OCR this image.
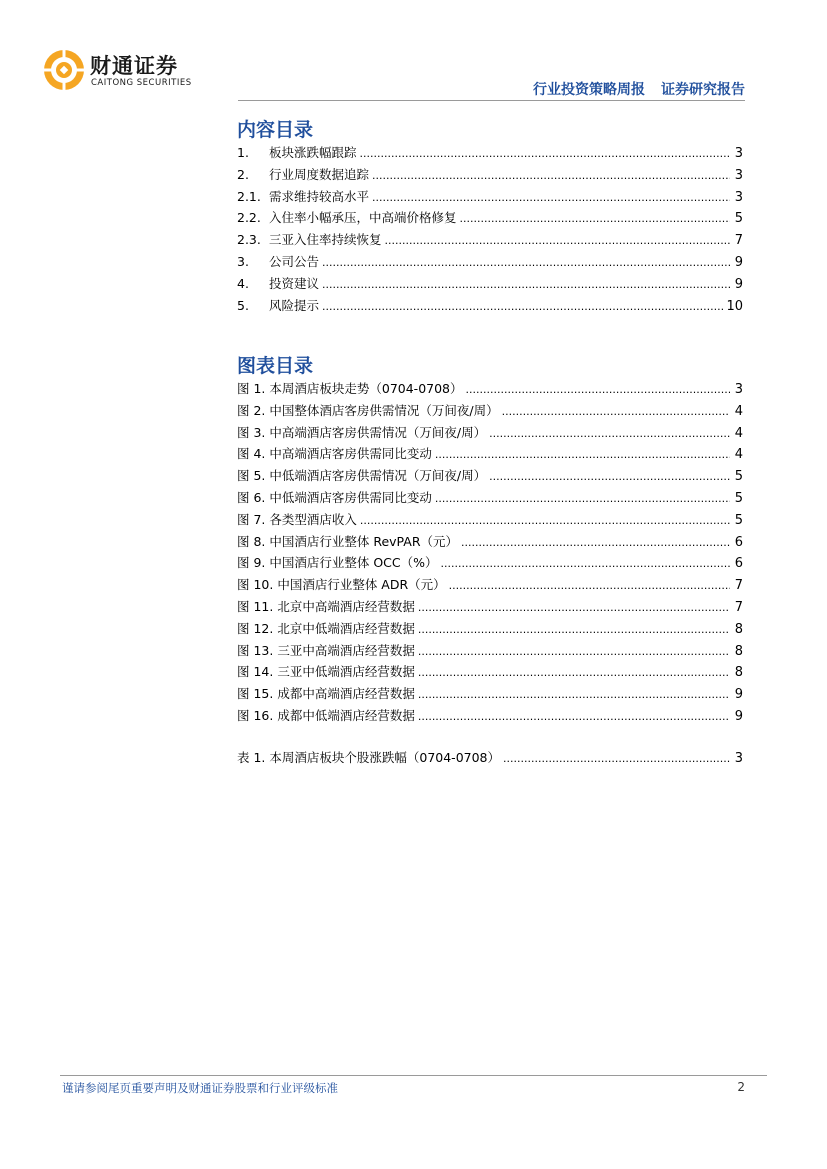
财通证券
CAITONG SECURITIES	行业投资策略周报 证券研究报告
内容目录
1.	板块涨跌幅跟踪 .....	3
2.	行业周度数据追踪 .....	3
2.1. 需求维持较高水平 .....	3
2.2. 入住率小幅承压，中高端价格修复 .....	5
2.3. 三亚入住率持续恢复 .....	7
3.	公司公告 .....	9
4.	投资建议 .....	9
5.	风险提示 .....	10
图表目录
图 1. 本周酒店板块走势（0704-0708） .....	3
图 2. 中国整体酒店客房供需情况（万间夜/周） .....	4
图 3. 中高端酒店客房供需情况（万间夜/周） .....	4
图 4. 中高端酒店客房供需同比变动 .....	4
图 5. 中低端酒店客房供需情况（万间夜/周） .....	5
图 6. 中低端酒店客房供需同比变动 .....	5
图 7. 各类型酒店收入 .....	5
图 8. 中国酒店行业整体 RevPAR（元） .....	6
图 9. 中国酒店行业整体 OCC（%） .....	6
图 10. 中国酒店行业整体 ADR（元） .....	7
图 11. 北京中高端酒店经营数据 .....	7
图 12. 北京中低端酒店经营数据 .....	8
图 13. 三亚中高端酒店经营数据 .....	8
图 14. 三亚中低端酒店经营数据 .....	8
图 15. 成都中高端酒店经营数据 .....	9
图 16. 成都中低端酒店经营数据 .....	9
表 1. 本周酒店板块个股涨跌幅（0704-0708） .....	3
谨请参阅尾页重要声明及财通证券股票和行业评级标准	2
